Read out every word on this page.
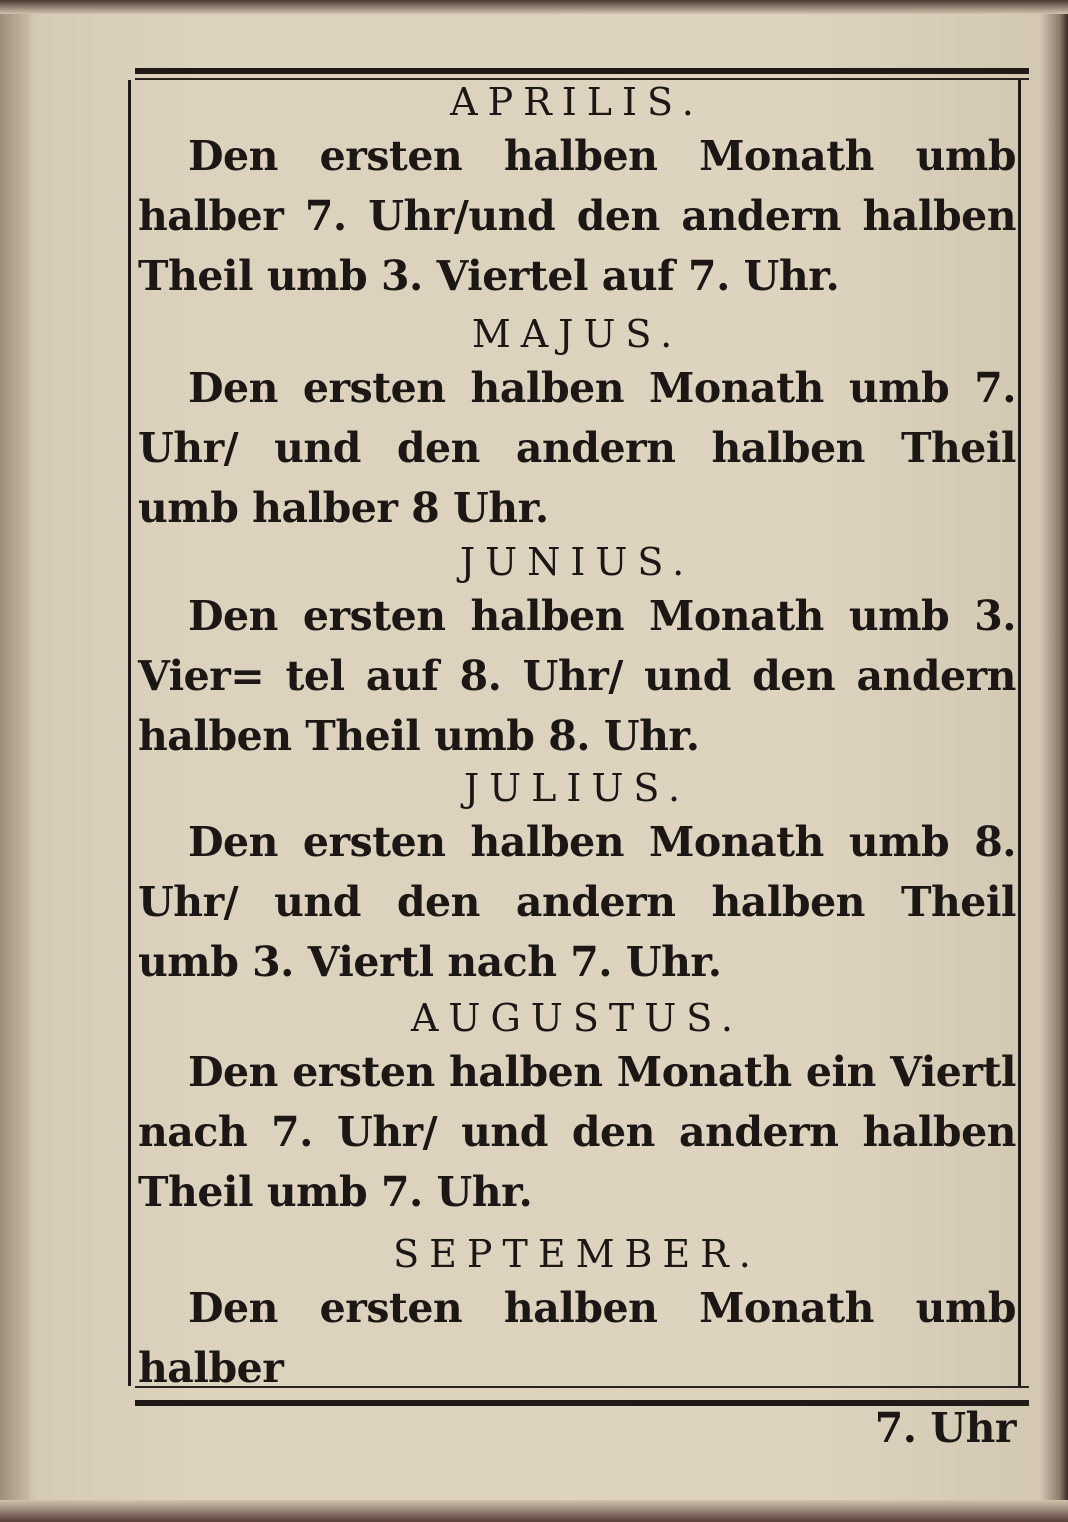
APRILIS.

Den ersten halben Monath umb halber 7. Uhr/und den andern halben Theil umb 3. Viertel auf 7. Uhr.

MAJUS.

Den ersten halben Monath umb 7. Uhr/ und den andern halben Theil umb halber 8 Uhr.

JUNIUS.

Den ersten halben Monath umb 3. Vier= tel auf 8. Uhr/ und den andern halben Theil umb 8. Uhr.

JULIUS.

Den ersten halben Monath umb 8. Uhr/ und den andern halben Theil umb 3. Viertl nach 7. Uhr.

AUGUSTUS.

Den ersten halben Monath ein Viertl nach 7. Uhr/ und den andern halben Theil umb 7. Uhr.

SEPTEMBER.

Den ersten halben Monath umb halber

7. Uhr
